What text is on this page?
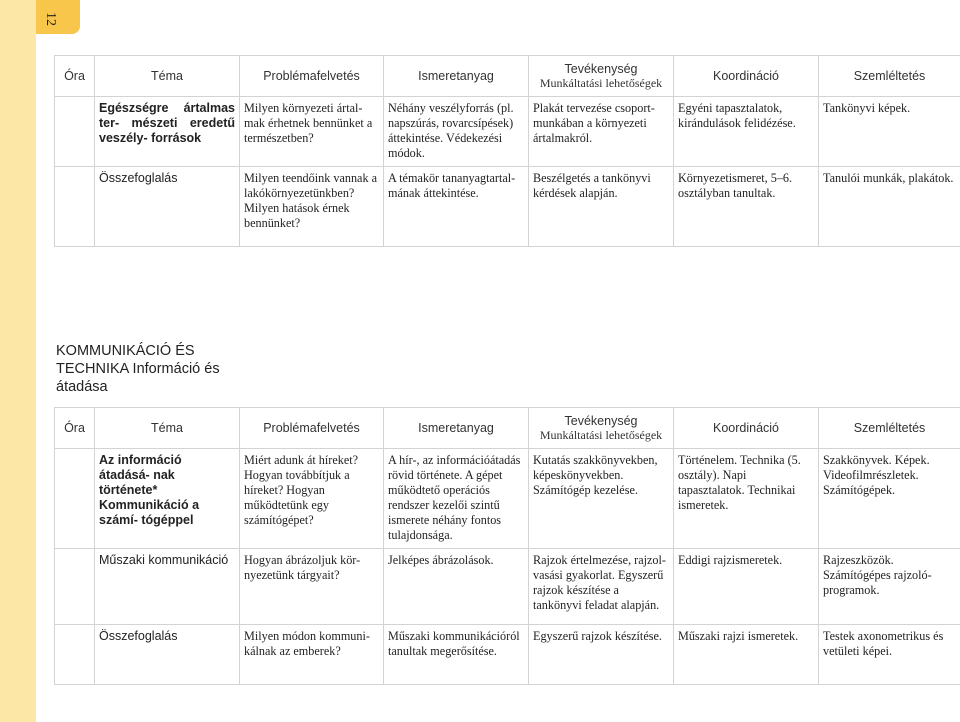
12
Óra	Téma	Problémafelvetés	Ismeretanyag	Tevékenység
Munkáltatási lehetőségek	Koordináció	Szemléltetés
	Egészségre ártalmas ter- mészeti eredetű veszély- források	Milyen környezeti ártal- mak érhetnek bennünket a természetben?	Néhány veszélyforrás (pl. napszúrás, rovarcsípések) áttekintése. Védekezési módok.	Plakát tervezése csoport- munkában a környezeti ártalmakról.	Egyéni tapasztalatok, kirándulások felidézése.	Tankönyvi képek.
	Összefoglalás	Milyen teendőink vannak a lakókörnyezetünkben? Milyen hatások érnek bennünket?	A témakör tananyagtartal- mának áttekintése.	Beszélgetés a tankönyvi kérdések alapján.	Környezetismeret, 5–6. osztályban tanultak.	Tanulói munkák, plakátok.
KOMMUNIKÁCIÓ ÉS TECHNIKA Információ és átadása
Óra	Téma	Problémafelvetés	Ismeretanyag	Tevékenység
Munkáltatási lehetőségek	Koordináció	Szemléltetés
	Az információ átadásá- nak története* Kommunikáció a számí- tógéppel	Miért adunk át híreket? Hogyan továbbítjuk a híreket? Hogyan működtetünk egy számítógépet?	A hír-, az információátadás rövid története. A gépet működtető operációs rendszer kezelői szintű ismerete néhány fontos tulajdonsága.	Kutatás szakkönyvekben, képeskönyvekben. Számítógép kezelése.	Történelem. Technika (5. osztály). Napi tapasztalatok. Technikai ismeretek.	Szakkönyvek. Képek. Videofilmrészletek. Számítógépek.
	Műszaki kommunikáció	Hogyan ábrázoljuk kör- nyezetünk tárgyait?	Jelképes ábrázolások.	Rajzok értelmezése, rajzol- vasási gyakorlat. Egyszerű rajzok készítése a tankönyvi feladat alapján.	Eddigi rajzismeretek.	Rajzeszközök. Számítógépes rajzoló- programok.
	Összefoglalás	Milyen módon kommuni- kálnak az emberek?	Műszaki kommunikációról tanultak megerősítése.	Egyszerű rajzok készítése.	Műszaki rajzi ismeretek.	Testek axonometrikus és vetületi képei.
